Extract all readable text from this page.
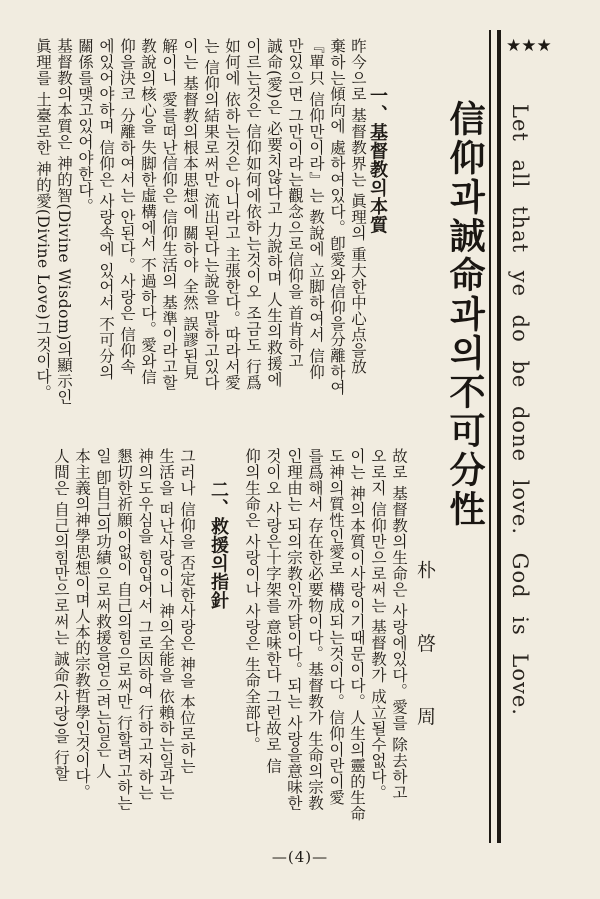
★★★
Let all that ye do be done love. God is Love.
信仰과誠命과의不可分性
朴 啓 周
一、基督教의本質
昨今으로 基督教界는 眞理의 重大한中心点을放
棄하는傾向에 處하여있다。卽愛와信仰을分離하여
『單只 信仰만이라』는 教說에 立脚하여서 信仰
만있으면 그만이라는觀念으로信仰을 首肯하고
誠命(愛)은 必要치않다고 力說하며 人生의救援에
이르는것은 信仰如何에依하는것이오 조금도 行爲
如何에 依하는것은 아니라고 主張한다。따라서愛
는 信仰의結果로써만 流出된다는說을 말하고있다
이는 基督教의根本思想에 關하야 全然 誤謬된見
解이니 愛를떠난信仰은 信仰生活의 基準이라고할
教說의核心을 失脚한虛構에서 不過하다。愛와信
仰을決코 分離하여서는 안된다。사랑은 信仰속
에있어야하며 信仰은 사랑속에 있어서 不可分의
關係를맺고있어야한다。
基督教의本質은 神的智(Divine Wisdom)의顯示인
眞理를 土臺로한 神的愛(Divine Love)그것이다。
故로 基督教의生命은 사랑에있다。愛를 除去하고
오로지 信仰만으로써는 基督教가 成立될수없다。
이는 神의本質이사랑이기때문이다。人生의靈的生命
도神의質性인愛로 構成되는것이다。信仰이란이愛
를爲해서 存在한必要物이다。基督教가 生命의宗教
인理由는 되의宗教인까닭이다。되는 사랑을意味한
것이오 사랑은十字架를 意味한다 그런故로 信
仰의生命은 사랑이나 사랑은 生命全部다。
二、救援의指針
그러나 信仰을 否定한사랑은 神을 本位로하는
生活을 떠난사랑이니 神의全能을 依賴하는일과는
神의도우심을 힘입어서 그로因하여 行하고저하는
懇切한祈願이없이 自己의힘으로써만 行할려고하는
일 卽自己의功績으로써救援을얻으려는일은 人
本主義의神學思想이며人本的宗教哲學인것이다。
人間은 自己의힘만으로써는 誠命(사랑)을 行할
—(4)—
